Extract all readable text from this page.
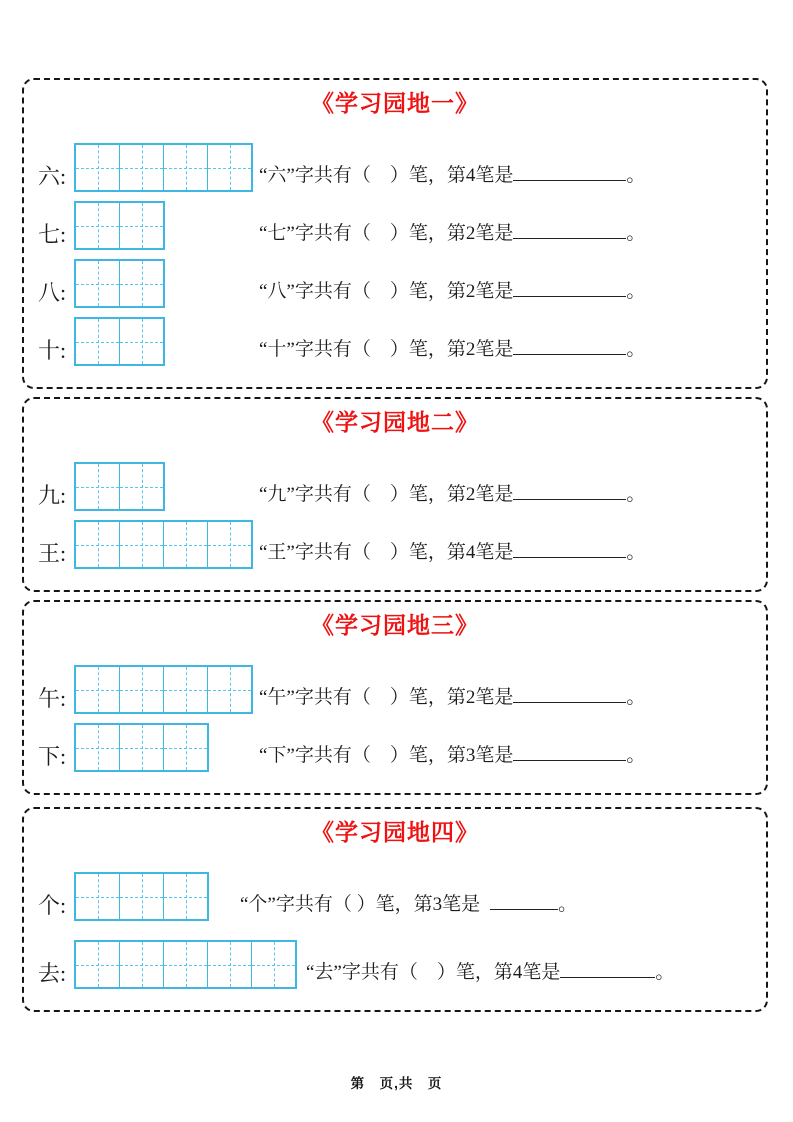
《学习园地一》
六:	“六”字共有（　）笔，第4笔是	。
七:	“七”字共有（　）笔，第2笔是	。
八:	“八”字共有（　）笔，第2笔是	。
十:	“十”字共有（　）笔，第2笔是	。
《学习园地二》
九:	“九”字共有（　）笔，第2笔是	。
王:	“王”字共有（　）笔，第4笔是	。
《学习园地三》
午:	“午”字共有（　）笔，第2笔是	。
下:	“下”字共有（　）笔，第3笔是	。
《学习园地四》
个:	“个”字共有（ ）笔，第3笔是	。
去:	“去”字共有（　）笔，第4笔是	。
第　页,共　页
